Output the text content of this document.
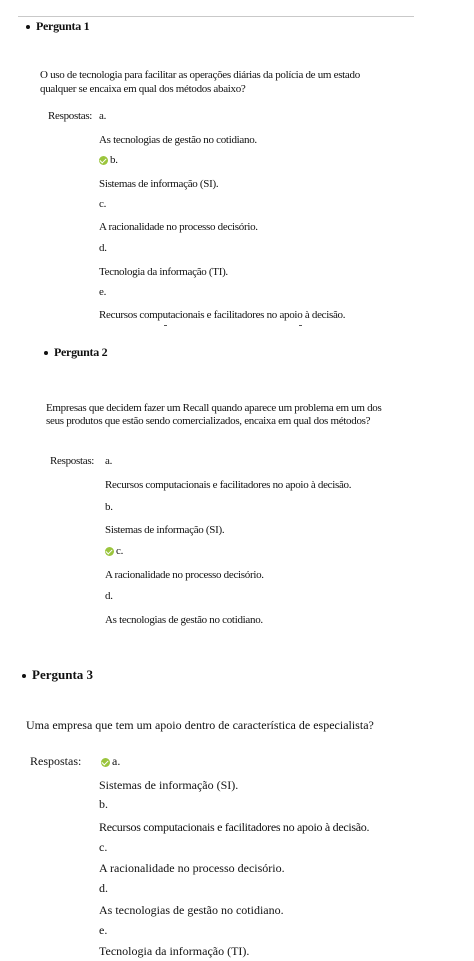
Pergunta 1
O uso de tecnologia para facilitar as operações diárias da polícia de um estado
qualquer se encaixa em qual dos métodos abaixo?
Respostas: a.
As tecnologias de gestão no cotidiano.
b.
Sistemas de informação (SI).
c.
A racionalidade no processo decisório.
d.
Tecnologia da informação (TI).
e.
Recursos computacionais e facilitadores no apoio à decisão.
Pergunta 2
Empresas que decidem fazer um Recall quando aparece um problema em um dos
seus produtos que estão sendo comercializados, encaixa em qual dos métodos?
Respostas: a.
Recursos computacionais e facilitadores no apoio à decisão.
b.
Sistemas de informação (SI).
c.
A racionalidade no processo decisório.
d.
As tecnologias de gestão no cotidiano.
Pergunta 3
Uma empresa que tem um apoio dentro de característica de especialista?
Respostas:	a.
Sistemas de informação (SI).
b.
Recursos computacionais e facilitadores no apoio à decisão.
c.
A racionalidade no processo decisório.
d.
As tecnologias de gestão no cotidiano.
e.
Tecnologia da informação (TI).
